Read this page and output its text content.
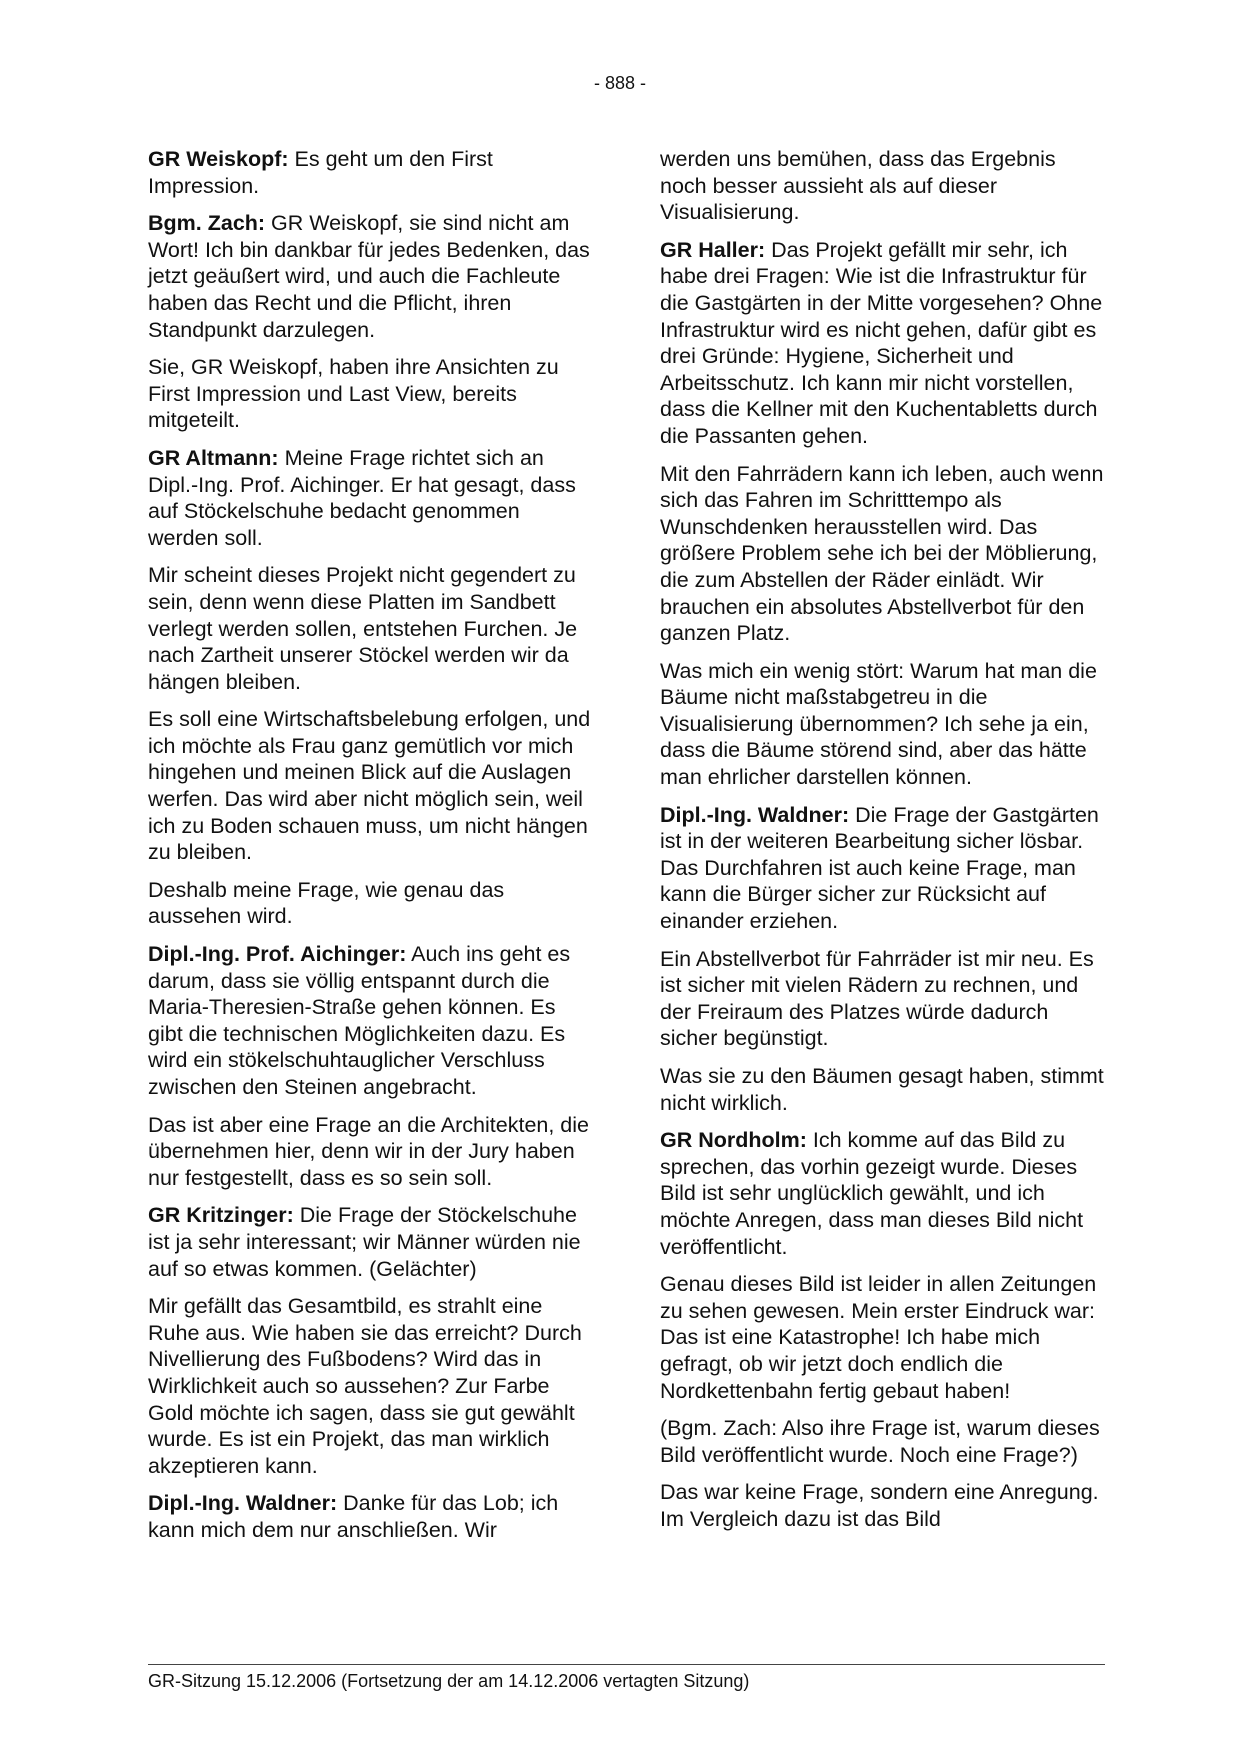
- 888 -

GR Weiskopf: Es geht um den First Impression.

Bgm. Zach: GR Weiskopf, sie sind nicht am Wort! Ich bin dankbar für jedes Bedenken, das jetzt geäußert wird, und auch die Fachleute haben das Recht und die Pflicht, ihren Standpunkt darzulegen.

Sie, GR Weiskopf, haben ihre Ansichten zu First Impression und Last View, bereits mitgeteilt.

GR Altmann: Meine Frage richtet sich an Dipl.-Ing. Prof. Aichinger. Er hat gesagt, dass auf Stöckelschuhe bedacht genommen werden soll.

Mir scheint dieses Projekt nicht gegendert zu sein, denn wenn diese Platten im Sandbett verlegt werden sollen, entstehen Furchen. Je nach Zartheit unserer Stöckel werden wir da hängen bleiben.

Es soll eine Wirtschaftsbelebung erfolgen, und ich möchte als Frau ganz gemütlich vor mich hingehen und meinen Blick auf die Auslagen werfen. Das wird aber nicht möglich sein, weil ich zu Boden schauen muss, um nicht hängen zu bleiben.

Deshalb meine Frage, wie genau das aussehen wird.

Dipl.-Ing. Prof. Aichinger: Auch ins geht es darum, dass sie völlig entspannt durch die Maria-Theresien-Straße gehen können. Es gibt die technischen Möglichkeiten dazu. Es wird ein stökelschuhtauglicher Verschluss zwischen den Steinen angebracht.

Das ist aber eine Frage an die Architekten, die übernehmen hier, denn wir in der Jury haben nur festgestellt, dass es so sein soll.

GR Kritzinger: Die Frage der Stöckelschuhe ist ja sehr interessant; wir Männer würden nie auf so etwas kommen. (Gelächter)

Mir gefällt das Gesamtbild, es strahlt eine Ruhe aus. Wie haben sie das erreicht? Durch Nivellierung des Fußbodens? Wird das in Wirklichkeit auch so aussehen? Zur Farbe Gold möchte ich sagen, dass sie gut gewählt wurde. Es ist ein Projekt, das man wirklich akzeptieren kann.

Dipl.-Ing. Waldner: Danke für das Lob; ich kann mich dem nur anschließen. Wir

werden uns bemühen, dass das Ergebnis noch besser aussieht als auf dieser Visualisierung.

GR Haller: Das Projekt gefällt mir sehr, ich habe drei Fragen: Wie ist die Infrastruktur für die Gastgärten in der Mitte vorgesehen? Ohne Infrastruktur wird es nicht gehen, dafür gibt es drei Gründe: Hygiene, Sicherheit und Arbeitsschutz. Ich kann mir nicht vorstellen, dass die Kellner mit den Kuchentabletts durch die Passanten gehen.

Mit den Fahrrädern kann ich leben, auch wenn sich das Fahren im Schritttempo als Wunschdenken herausstellen wird. Das größere Problem sehe ich bei der Möblierung, die zum Abstellen der Räder einlädt. Wir brauchen ein absolutes Abstellverbot für den ganzen Platz.

Was mich ein wenig stört: Warum hat man die Bäume nicht maßstabgetreu in die Visualisierung übernommen? Ich sehe ja ein, dass die Bäume störend sind, aber das hätte man ehrlicher darstellen können.

Dipl.-Ing. Waldner: Die Frage der Gastgärten ist in der weiteren Bearbeitung sicher lösbar. Das Durchfahren ist auch keine Frage, man kann die Bürger sicher zur Rücksicht auf einander erziehen.

Ein Abstellverbot für Fahrräder ist mir neu. Es ist sicher mit vielen Rädern zu rechnen, und der Freiraum des Platzes würde dadurch sicher begünstigt.

Was sie zu den Bäumen gesagt haben, stimmt nicht wirklich.

GR Nordholm: Ich komme auf das Bild zu sprechen, das vorhin gezeigt wurde. Dieses Bild ist sehr unglücklich gewählt, und ich möchte Anregen, dass man dieses Bild nicht veröffentlicht.

Genau dieses Bild ist leider in allen Zeitungen zu sehen gewesen. Mein erster Eindruck war: Das ist eine Katastrophe! Ich habe mich gefragt, ob wir jetzt doch endlich die Nordkettenbahn fertig gebaut haben!

(Bgm. Zach: Also ihre Frage ist, warum dieses Bild veröffentlicht wurde. Noch eine Frage?)

Das war keine Frage, sondern eine Anregung. Im Vergleich dazu ist das Bild

GR-Sitzung 15.12.2006 (Fortsetzung der am 14.12.2006 vertagten Sitzung)
